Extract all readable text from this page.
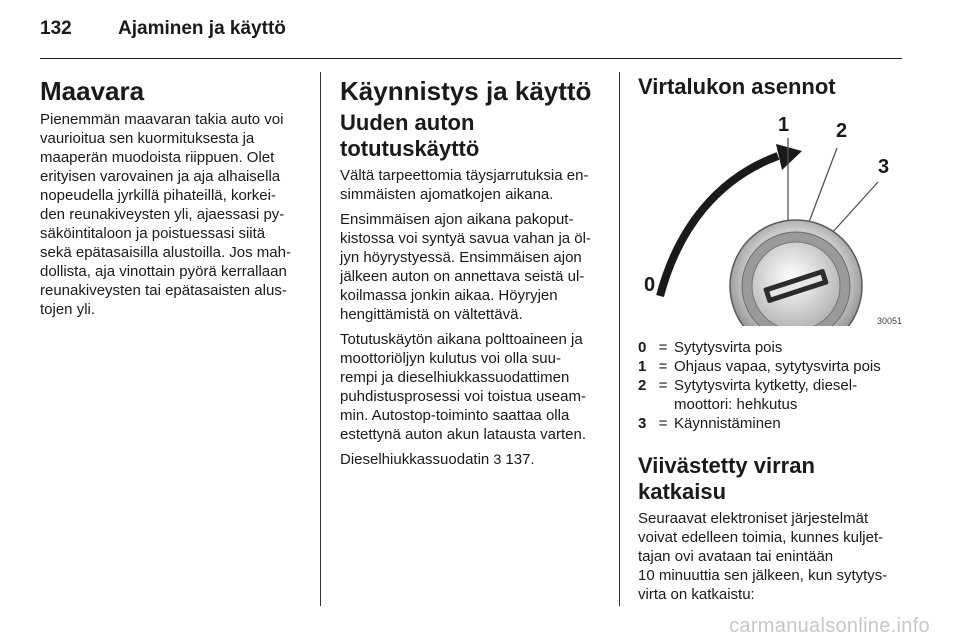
132 Ajaminen ja käyttö
Maavara

Pienemmän maavaran takia auto voi
vaurioitua sen kuormituksesta ja
maaperän muodoista riippuen. Olet
erityisen varovainen ja aja alhaisella
nopeudella jyrkillä pihateillä, korkei-
den reunakiveysten yli, ajaessasi py-
säköintitaloon ja poistuessasi siitä
sekä epätasaisilla alustoilla. Jos mah-
dollista, aja vinottain pyörä kerrallaan
reunakiveysten tai epätasaisten alus-
tojen yli.

Käynnistys ja käyttö
Uuden auton totutuskäyttö

Vältä tarpeettomia täysjarrutuksia en-
simmäisten ajomatkojen aikana.

Ensimmäisen ajon aikana pakoput-
kistossa voi syntyä savua vahan ja öl-
jyn höyrystyessä. Ensimmäisen ajon
jälkeen auton on annettava seistä ul-
koilmassa jonkin aikaa. Höyryjen
hengittämistä on vältettävä.

Totutuskäytön aikana polttoaineen ja
moottoriöljyn kulutus voi olla suu-
rempi ja dieselhiukkassuodattimen
puhdistusprosessi voi toistua useam-
min. Autostop-toiminto saattaa olla
estettynä auton akun latausta varten.

Dieselhiukkassuodatin 3 137.

Virtalukon asennot
0
1 2
3
30051
0 = Sytytysvirta pois
1 = Ohjaus vapaa, sytytysvirta pois
2 = Sytytysvirta kytketty, diesel-
moottori: hehkutus
3 = Käynnistäminen
Viivästetty virran katkaisu

Seuraavat elektroniset järjestelmät
voivat edelleen toimia, kunnes kuljet-
tajan ovi avataan tai enintään
10 minuuttia sen jälkeen, kun sytytys-
virta on katkaistu:

carmanualsonline.info
